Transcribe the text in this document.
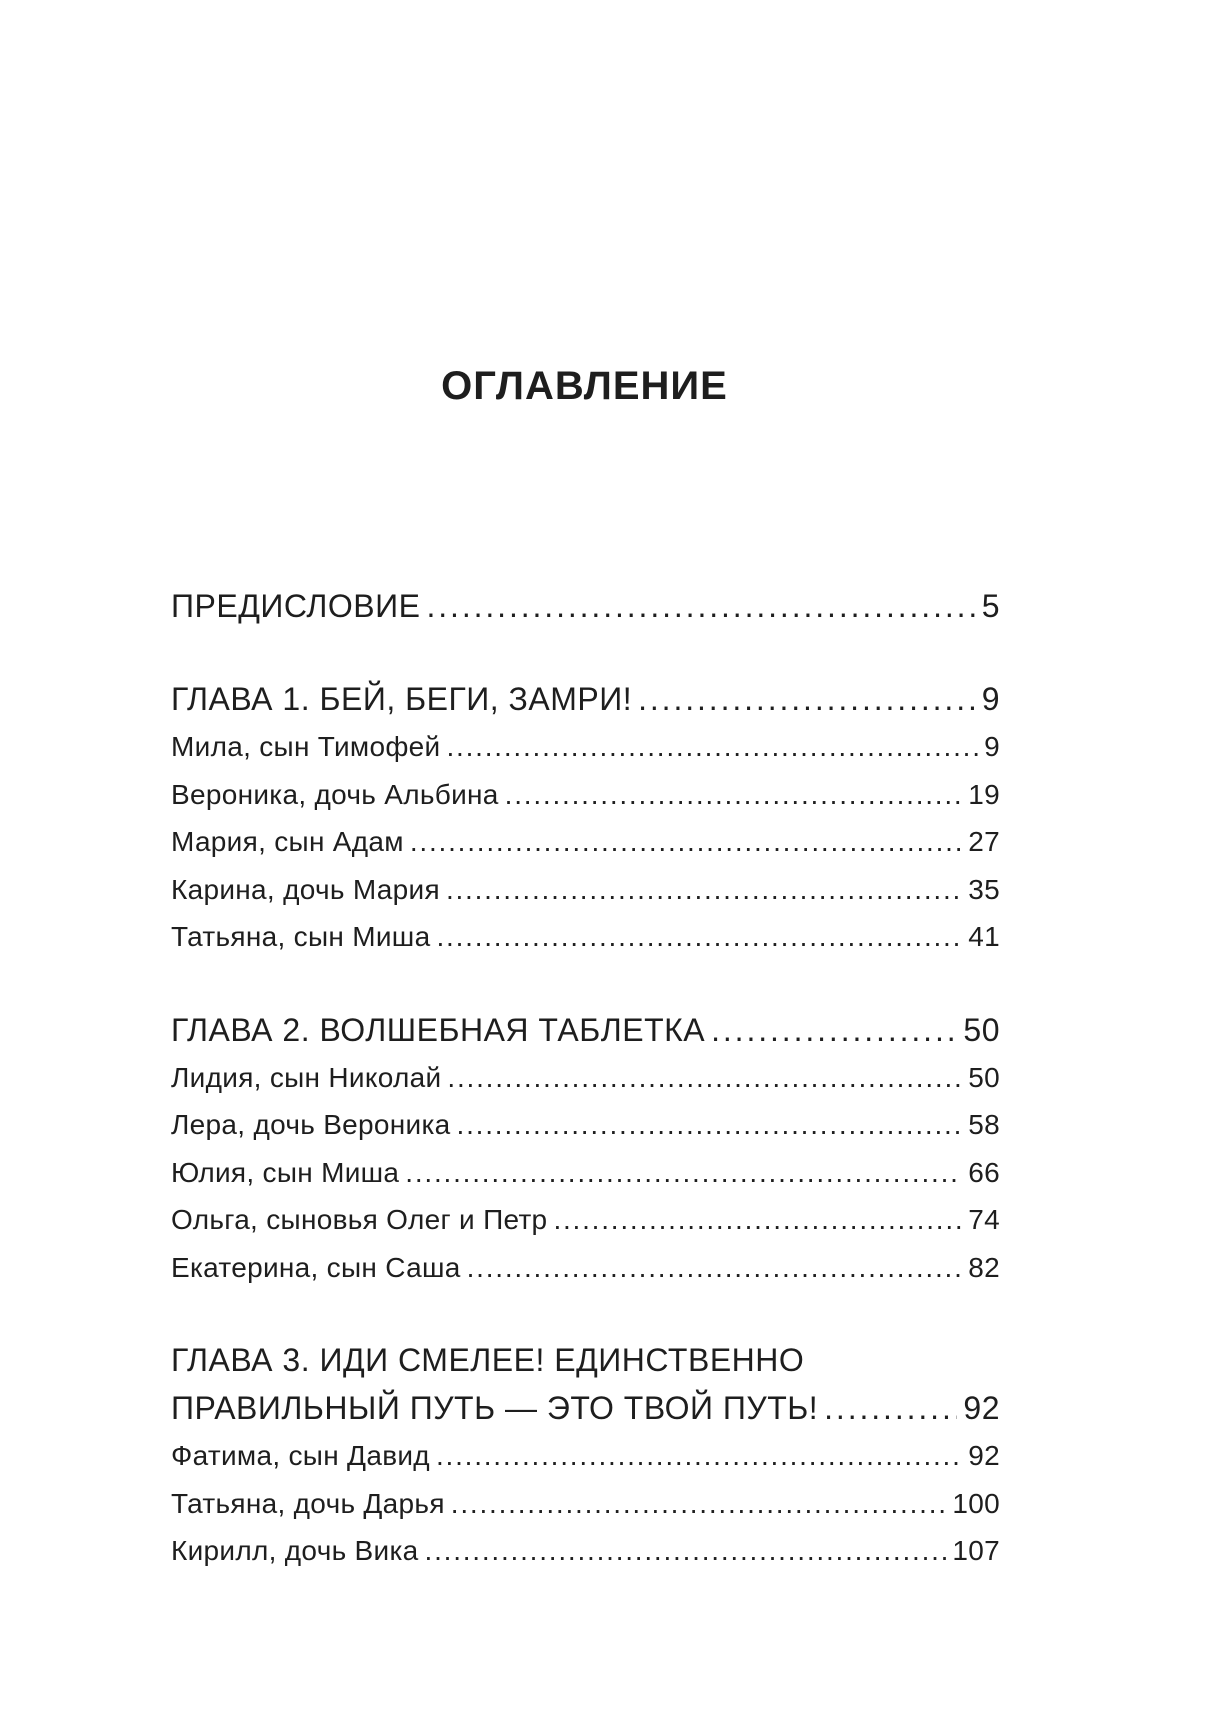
ОГЛАВЛЕНИЕ
ПРЕДИСЛОВИЕ . . .	5
ГЛАВА 1. БЕЙ, БЕГИ, ЗАМРИ! . . .	9
Мила, сын Тимофей . . .	9
Вероника, дочь Альбина . . .	19
Мария, сын Адам . . .	27
Карина, дочь Мария . . .	35
Татьяна, сын Миша . . .	41
ГЛАВА 2. ВОЛШЕБНАЯ ТАБЛЕТКА . . .	50
Лидия, сын Николай . . .	50
Лера, дочь Вероника . . .	58
Юлия, сын Миша . . .	66
Ольга, сыновья Олег и Петр . . .	74
Екатерина, сын Саша . . .	82
ГЛАВА 3. ИДИ СМЕЛЕЕ! ЕДИНСТВЕННО
ПРАВИЛЬНЫЙ ПУТЬ — ЭТО ТВОЙ ПУТЬ! . . .	92
Фатима, сын Давид . . .	92
Татьяна, дочь Дарья . . .	100
Кирилл, дочь Вика . . .	107
